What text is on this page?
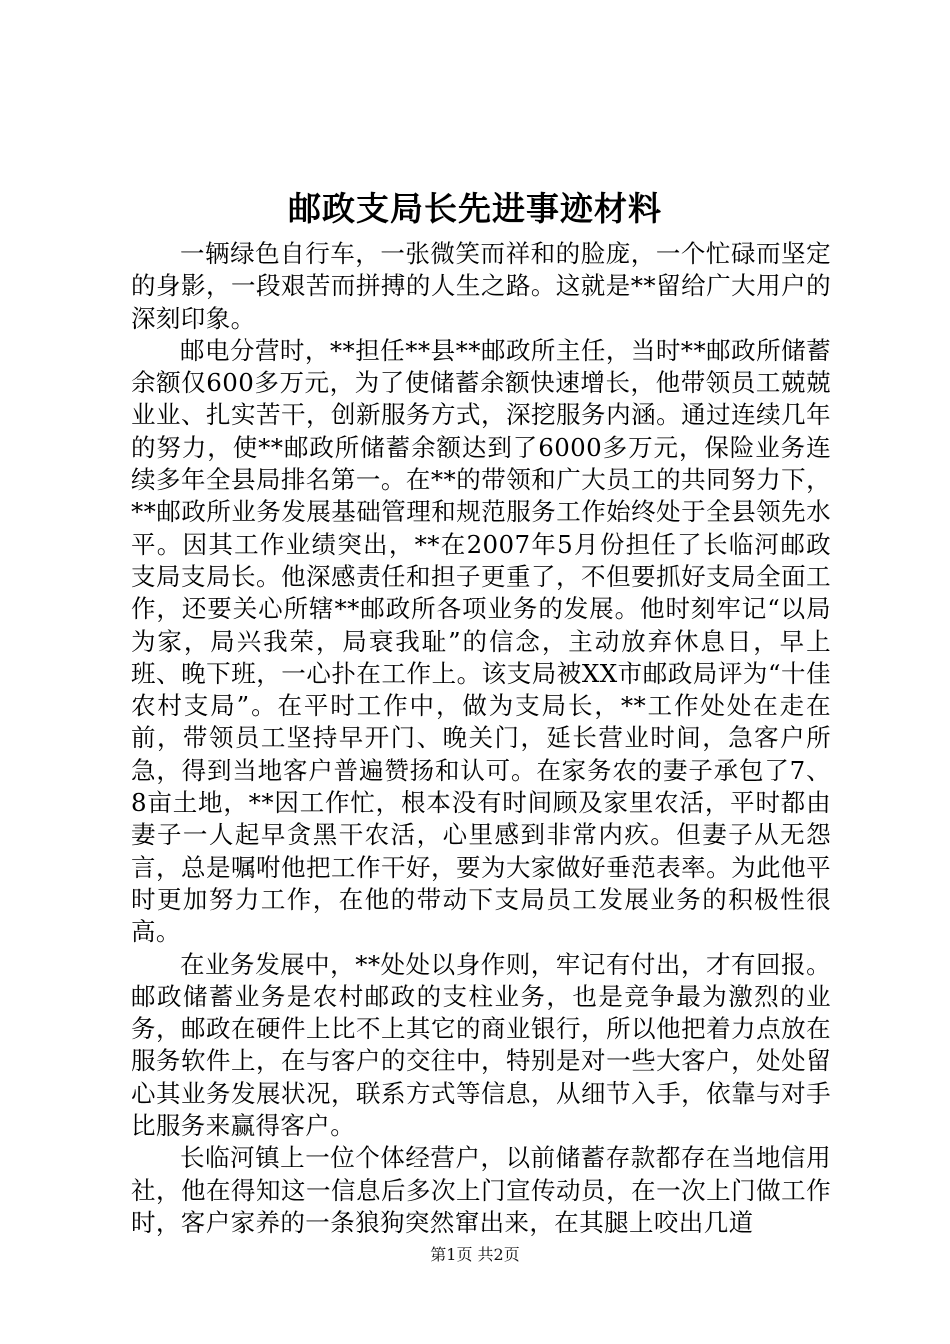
邮政支局长先进事迹材料

一辆绿色自行车，一张微笑而祥和的脸庞，一个忙碌而坚定的身影，一段艰苦而拼搏的人生之路。这就是**留给广大用户的深刻印象。

邮电分营时，**担任**县**邮政所主任，当时**邮政所储蓄余额仅600多万元，为了使储蓄余额快速增长，他带领员工兢兢业业、扎实苦干，创新服务方式，深挖服务内涵。通过连续几年的努力，使**邮政所储蓄余额达到了6000多万元，保险业务连续多年全县局排名第一。在**的带领和广大员工的共同努力下，**邮政所业务发展基础管理和规范服务工作始终处于全县领先水平。因其工作业绩突出，**在2007年5月份担任了长临河邮政支局支局长。他深感责任和担子更重了，不但要抓好支局全面工作，还要关心所辖**邮政所各项业务的发展。他时刻牢记“以局为家，局兴我荣，局衰我耻”的信念，主动放弃休息日，早上班、晚下班，一心扑在工作上。该支局被XX市邮政局评为“十佳农村支局”。在平时工作中，做为支局长，**工作处处在走在前，带领员工坚持早开门、晚关门，延长营业时间，急客户所急，得到当地客户普遍赞扬和认可。在家务农的妻子承包了7、8亩土地，**因工作忙，根本没有时间顾及家里农活，平时都由妻子一人起早贪黑干农活，心里感到非常内疚。但妻子从无怨言，总是嘱咐他把工作干好，要为大家做好垂范表率。为此他平时更加努力工作，在他的带动下支局员工发展业务的积极性很高。

在业务发展中，**处处以身作则，牢记有付出，才有回报。邮政储蓄业务是农村邮政的支柱业务，也是竞争最为激烈的业务，邮政在硬件上比不上其它的商业银行，所以他把着力点放在服务软件上，在与客户的交往中，特别是对一些大客户，处处留心其业务发展状况，联系方式等信息，从细节入手，依靠与对手比服务来赢得客户。

长临河镇上一位个体经营户，以前储蓄存款都存在当地信用社，他在得知这一信息后多次上门宣传动员，在一次上门做工作时，客户家养的一条狼狗突然窜出来，在其腿上咬出几道

第1页 共2页
